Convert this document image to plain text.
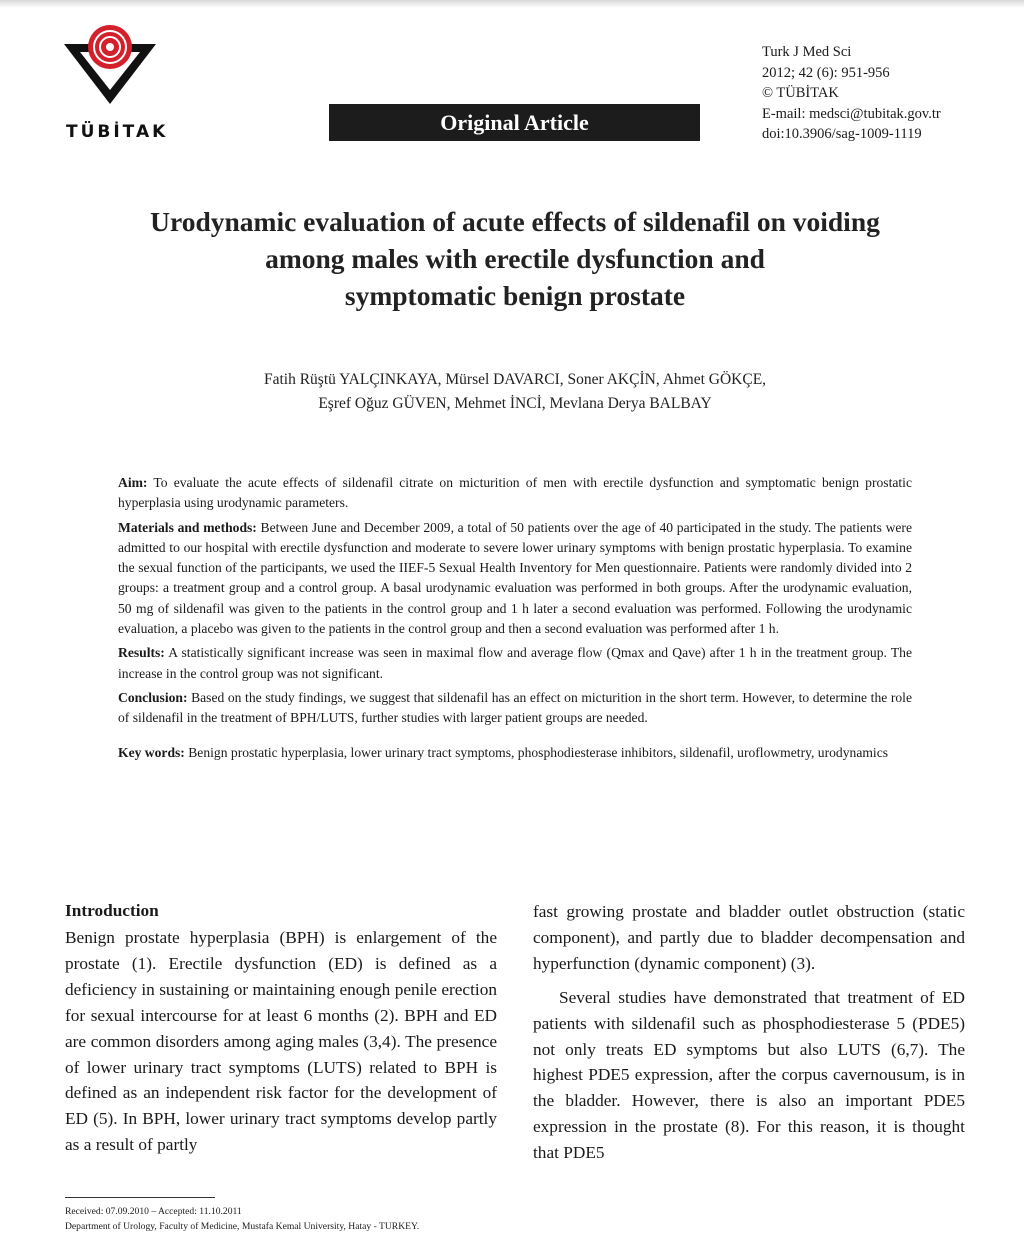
TÜBİTAK	Original Article
Turk J Med Sci
2012; 42 (6): 951-956
© TÜBİTAK
E-mail: medsci@tubitak.gov.tr
doi:10.3906/sag-1009-1119
Urodynamic evaluation of acute effects of sildenafil on voiding
among males with erectile dysfunction and
symptomatic benign prostate
Fatih Rüştü YALÇINKAYA, Mürsel DAVARCI, Soner AKÇİN, Ahmet GÖKÇE,
Eşref Oğuz GÜVEN, Mehmet İNCİ, Mevlana Derya BALBAY

Aim: To evaluate the acute effects of sildenafil citrate on micturition of men with erectile dysfunction and symptomatic benign prostatic hyperplasia using urodynamic parameters.

Materials and methods: Between June and December 2009, a total of 50 patients over the age of 40 participated in the study. The patients were admitted to our hospital with erectile dysfunction and moderate to severe lower urinary symptoms with benign prostatic hyperplasia. To examine the sexual function of the participants, we used the IIEF-5 Sexual Health Inventory for Men questionnaire. Patients were randomly divided into 2 groups: a treatment group and a control group. A basal urodynamic evaluation was performed in both groups. After the urodynamic evaluation, 50 mg of sildenafil was given to the patients in the control group and 1 h later a second evaluation was performed. Following the urodynamic evaluation, a placebo was given to the patients in the control group and then a second evaluation was performed after 1 h.

Results: A statistically significant increase was seen in maximal flow and average flow (Qmax and Qave) after 1 h in the treatment group. The increase in the control group was not significant.

Conclusion: Based on the study findings, we suggest that sildenafil has an effect on micturition in the short term. However, to determine the role of sildenafil in the treatment of BPH/LUTS, further studies with larger patient groups are needed.

Key words: Benign prostatic hyperplasia, lower urinary tract symptoms, phosphodiesterase inhibitors, sildenafil, uroflowmetry, urodynamics

Introduction

Benign prostate hyperplasia (BPH) is enlargement of the prostate (1). Erectile dysfunction (ED) is defined as a deficiency in sustaining or maintaining enough penile erection for sexual intercourse for at least 6 months (2). BPH and ED are common disorders among aging males (3,4). The presence of lower urinary tract symptoms (LUTS) related to BPH is defined as an independent risk factor for the development of ED (5). In BPH, lower urinary tract symptoms develop partly as a result of partly

fast growing prostate and bladder outlet obstruction (static component), and partly due to bladder decompensation and hyperfunction (dynamic component) (3).

Several studies have demonstrated that treatment of ED patients with sildenafil such as phosphodiesterase 5 (PDE5) not only treats ED symptoms but also LUTS (6,7). The highest PDE5 expression, after the corpus cavernousum, is in the bladder. However, there is also an important PDE5 expression in the prostate (8). For this reason, it is thought that PDE5

Received: 07.09.2010 – Accepted: 11.10.2011
Department of Urology, Faculty of Medicine, Mustafa Kemal University, Hatay - TURKEY.
